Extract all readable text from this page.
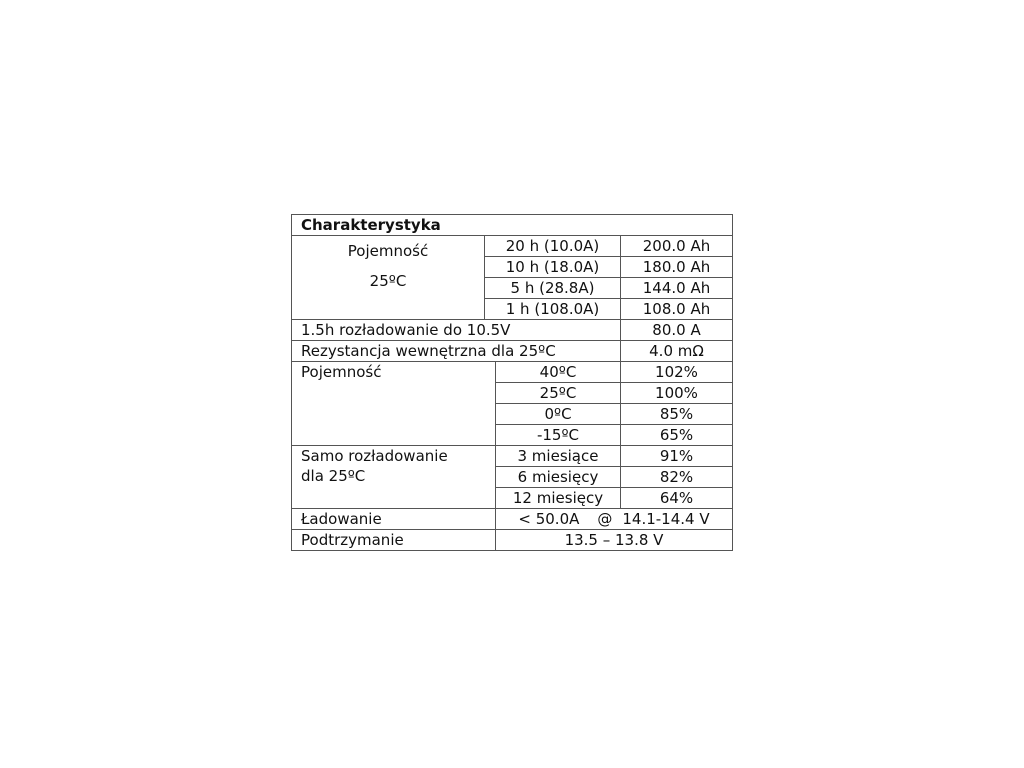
Charakterystyka			

Pojemność
25ºC	20 h (10.0A)		200.0 Ah
	10 h (18.0A)		180.0 Ah
	5 h (28.8A)		144.0 Ah
	1 h (108.0A)		108.0 Ah
1.5h rozładowanie do 10.5V			80.0 A
Rezystancja wewnętrzna dla 25ºC			4.0 mΩ
Pojemność		40ºC	102%
		25ºC	100%
		0ºC	85%
		-15ºC	65%

Samo rozładowanie
dla 25ºC		3 miesiące	91%
		6 miesięcy	82%
		12 miesięcy	64%
Ładowanie		< 50.0A @ 14.1-14.4 V	
Podtrzymanie		13.5 – 13.8 V	
